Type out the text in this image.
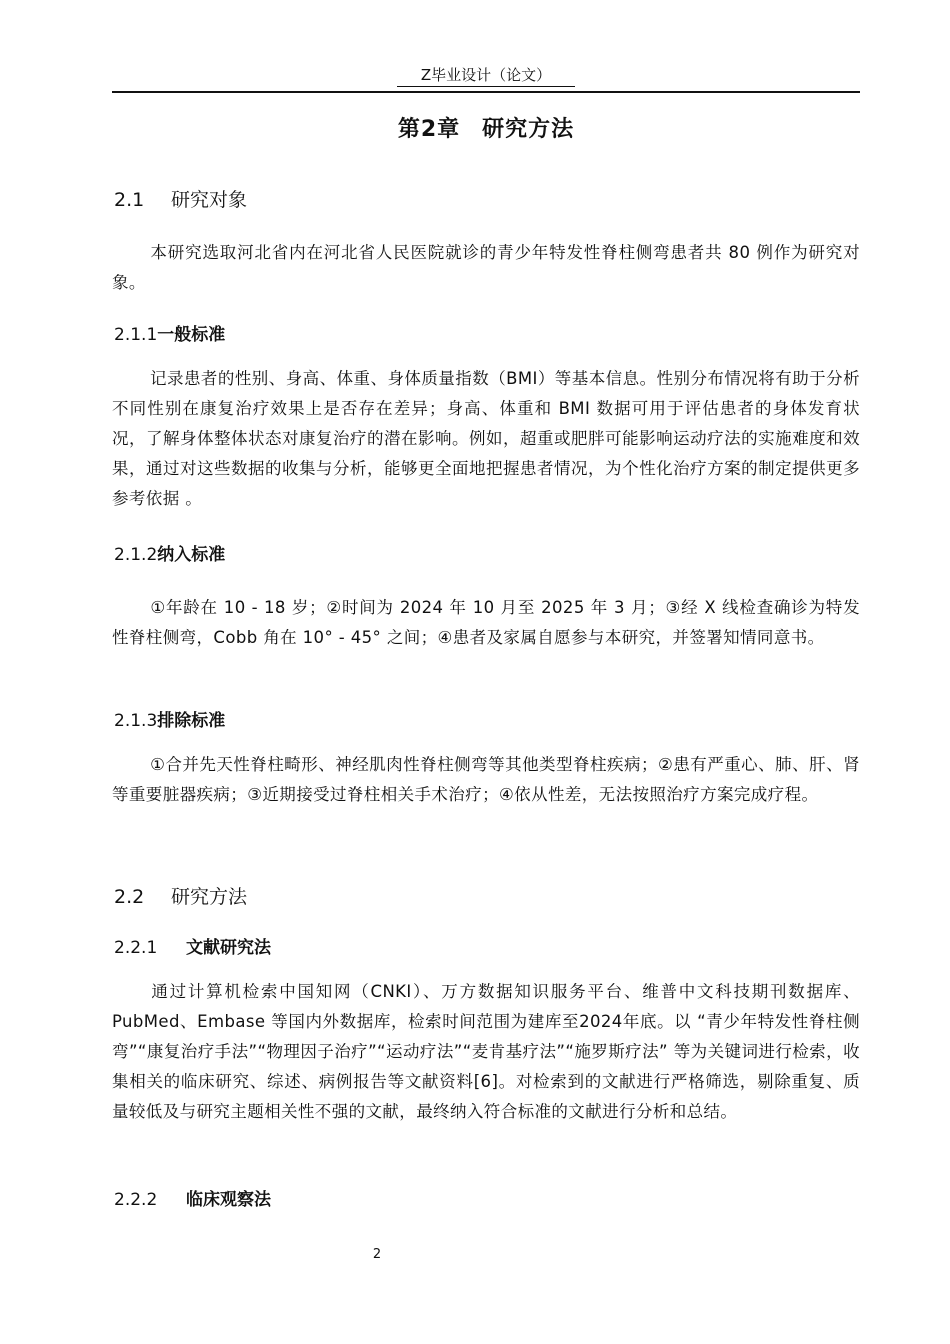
Z毕业设计（论文）
第2章 研究方法
2.1 研究对象

本研究选取河北省内在河北省人民医院就诊的青少年特发性脊柱侧弯患者共 80 例作为研究对象。

2.1.1一般标准

记录患者的性别、身高、体重、身体质量指数（BMI）等基本信息。性别分布情况将有助于分析不同性别在康复治疗效果上是否存在差异；身高、体重和 BMI 数据可用于评估患者的身体发育状况，了解身体整体状态对康复治疗的潜在影响。例如，超重或肥胖可能影响运动疗法的实施难度和效果，通过对这些数据的收集与分析，能够更全面地把握患者情况，为个性化治疗方案的制定提供更多参考依据 。

2.1.2纳入标准

①年龄在 10 - 18 岁；②时间为 2024 年 10 月至 2025 年 3 月；③经 X 线检查确诊为特发性脊柱侧弯，Cobb 角在 10° - 45° 之间；④患者及家属自愿参与本研究，并签署知情同意书。

2.1.3排除标准

①合并先天性脊柱畸形、神经肌肉性脊柱侧弯等其他类型脊柱疾病；②患有严重心、肺、肝、肾等重要脏器疾病；③近期接受过脊柱相关手术治疗；④依从性差，无法按照治疗方案完成疗程。

2.2 研究方法
2.2.1 文献研究法

通过计算机检索中国知网（CNKI）、万方数据知识服务平台、维普中文科技期刊数据库、PubMed、Embase 等国内外数据库，检索时间范围为建库至2024年底。以 “青少年特发性脊柱侧弯”“康复治疗手法”“物理因子治疗”“运动疗法”“麦肯基疗法”“施罗斯疗法” 等为关键词进行检索，收集相关的临床研究、综述、病例报告等文献资料[6]。对检索到的文献进行严格筛选，剔除重复、质量较低及与研究主题相关性不强的文献，最终纳入符合标准的文献进行分析和总结。

2.2.2 临床观察法
2
